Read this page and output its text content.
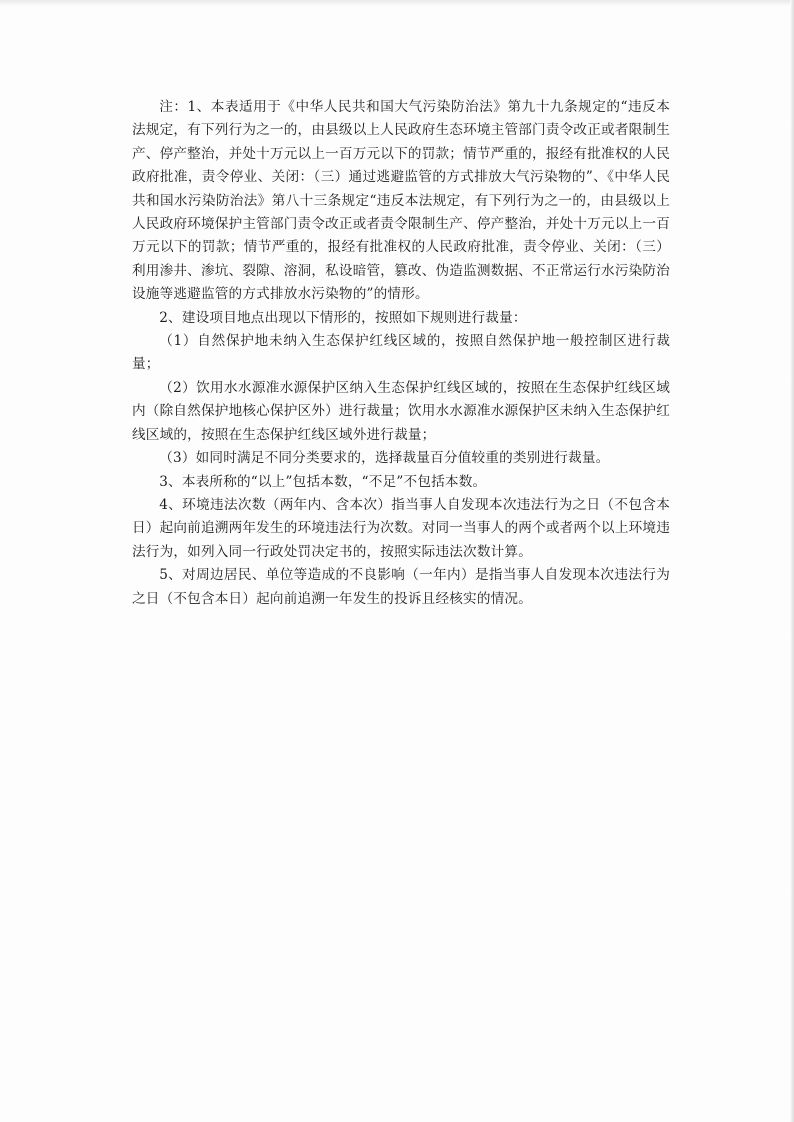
注：1、本表适用于《中华人民共和国大气污染防治法》第九十九条规定的“违反本法规定，有下列行为之一的，由县级以上人民政府生态环境主管部门责令改正或者限制生产、停产整治，并处十万元以上一百万元以下的罚款；情节严重的，报经有批准权的人民政府批准，责令停业、关闭：（三）通过逃避监管的方式排放大气污染物的”、《中华人民共和国水污染防治法》第八十三条规定“违反本法规定，有下列行为之一的，由县级以上人民政府环境保护主管部门责令改正或者责令限制生产、停产整治，并处十万元以上一百万元以下的罚款；情节严重的，报经有批准权的人民政府批准，责令停业、关闭：（三）利用渗井、渗坑、裂隙、溶洞，私设暗管，篡改、伪造监测数据、不正常运行水污染防治设施等逃避监管的方式排放水污染物的”的情形。

2、建设项目地点出现以下情形的，按照如下规则进行裁量：

（1）自然保护地未纳入生态保护红线区域的，按照自然保护地一般控制区进行裁量；

（2）饮用水水源准水源保护区纳入生态保护红线区域的，按照在生态保护红线区域内（除自然保护地核心保护区外）进行裁量；饮用水水源准水源保护区未纳入生态保护红线区域的，按照在生态保护红线区域外进行裁量；

（3）如同时满足不同分类要求的，选择裁量百分值较重的类别进行裁量。

3、本表所称的“以上”包括本数，“不足”不包括本数。

4、环境违法次数（两年内、含本次）指当事人自发现本次违法行为之日（不包含本日）起向前追溯两年发生的环境违法行为次数。对同一当事人的两个或者两个以上环境违法行为，如列入同一行政处罚决定书的，按照实际违法次数计算。

5、对周边居民、单位等造成的不良影响（一年内）是指当事人自发现本次违法行为之日（不包含本日）起向前追溯一年发生的投诉且经核实的情况。
